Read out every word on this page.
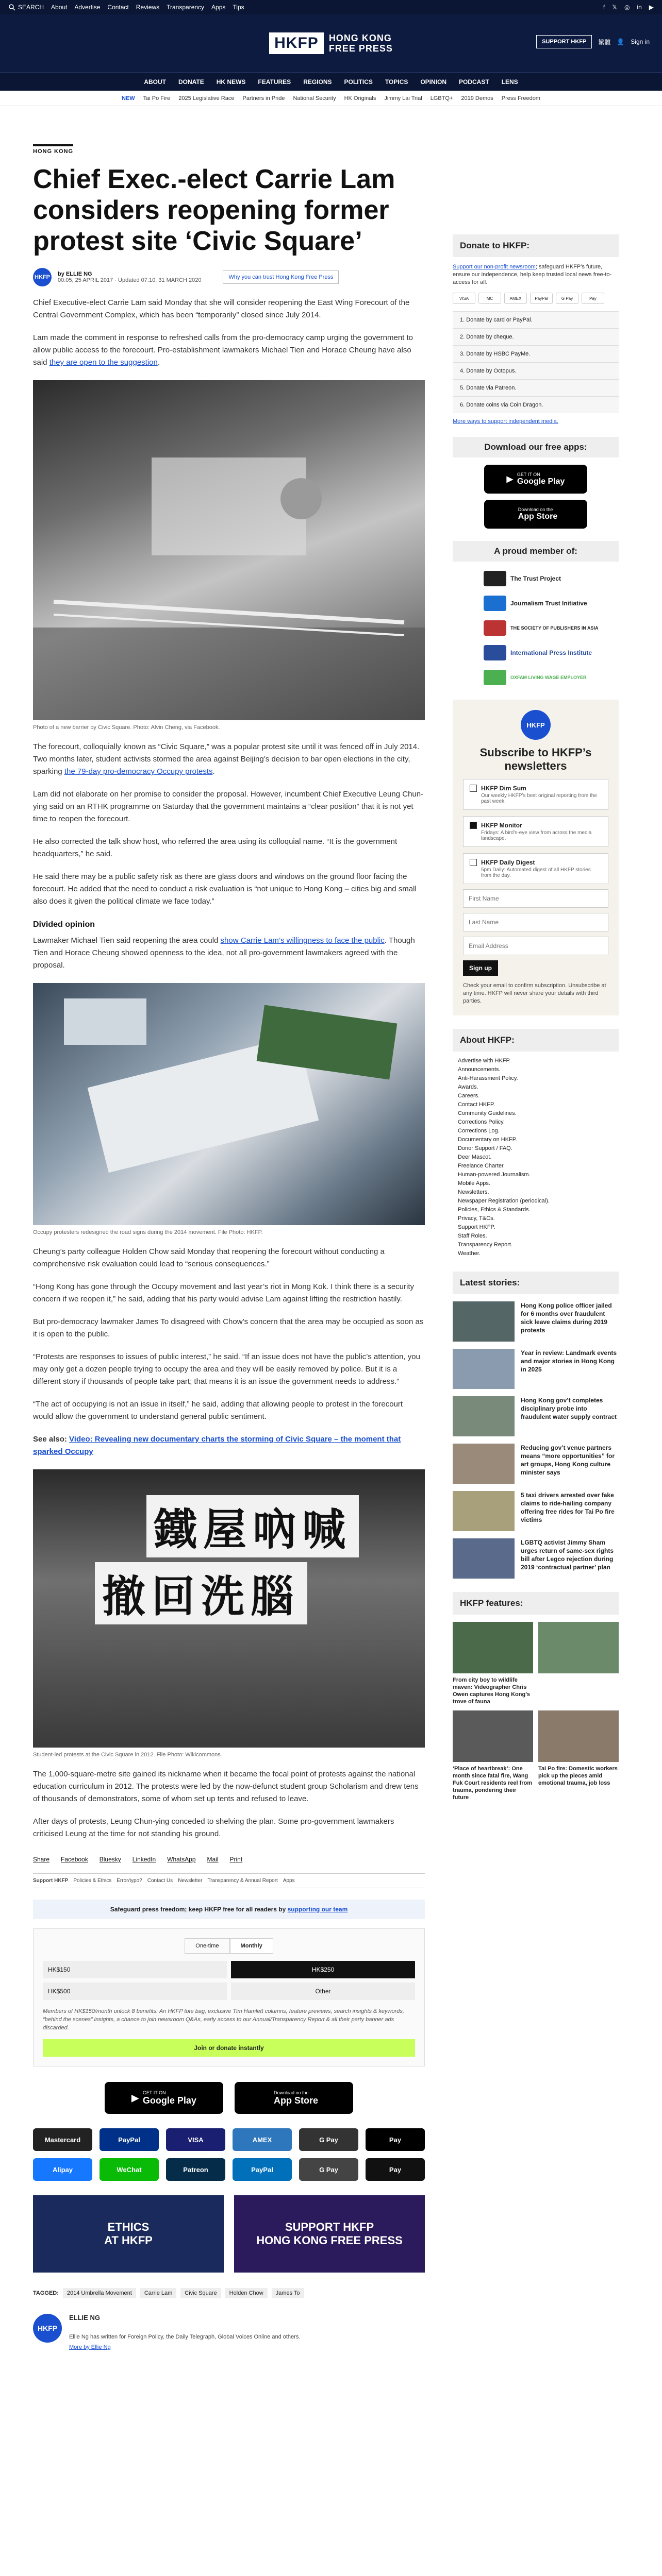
SEARCH About Advertise Contact Reviews Transparency Apps Tips	f 𝕏 ◎ in ▶
HKFP	HONG KONG
FREE PRESS
SUPPORT HKFP	繁體 👤 Sign in
ABOUT DONATE HK NEWS FEATURES REGIONS POLITICS TOPICS OPINION PODCAST LENS
NEW Tai Po Fire 2025 Legislative Race Partners in Pride National Security HK Originals Jimmy Lai Trial LGBTQ+ 2019 Demos Press Freedom
HONG KONG
Chief Exec.-elect Carrie Lam considers reopening former protest site ‘Civic Square’
HKFP by ELLIE NG
00:05, 25 APRIL 2017 · Updated 07:10, 31 MARCH 2020	Why you can trust Hong Kong Free Press

Chief Executive-elect Carrie Lam said Monday that she will consider reopening the East Wing Forecourt of the Central Government Complex, which has been “temporarily” closed since July 2014.

Lam made the comment in response to refreshed calls from the pro-democracy camp urging the government to allow public access to the forecourt. Pro-establishment lawmakers Michael Tien and Horace Cheung have also said they are open to the suggestion.

Photo of a new barrier by Civic Square. Photo: Alvin Cheng, via Facebook.

The forecourt, colloquially known as “Civic Square,” was a popular protest site until it was fenced off in July 2014. Two months later, student activists stormed the area against Beijing’s decision to bar open elections in the city, sparking the 79-day pro-democracy Occupy protests.

Lam did not elaborate on her promise to consider the proposal. However, incumbent Chief Executive Leung Chun-ying said on an RTHK programme on Saturday that the government maintains a “clear position” that it is not yet time to reopen the forecourt.

He also corrected the talk show host, who referred the area using its colloquial name. “It is the government headquarters,” he said.

He said there may be a public safety risk as there are glass doors and windows on the ground floor facing the forecourt. He added that the need to conduct a risk evaluation is “not unique to Hong Kong – cities big and small also does it given the political climate we face today.”

Divided opinion

Lawmaker Michael Tien said reopening the area could show Carrie Lam’s willingness to face the public. Though Tien and Horace Cheung showed openness to the idea, not all pro-government lawmakers agreed with the proposal.

Occupy protesters redesigned the road signs during the 2014 movement. File Photo: HKFP.

Cheung’s party colleague Holden Chow said Monday that reopening the forecourt without conducting a comprehensive risk evaluation could lead to “serious consequences.”

“Hong Kong has gone through the Occupy movement and last year’s riot in Mong Kok. I think there is a security concern if we reopen it,” he said, adding that his party would advise Lam against lifting the restriction hastily.

But pro-democracy lawmaker James To disagreed with Chow’s concern that the area may be occupied as soon as it is open to the public.

“Protests are responses to issues of public interest,” he said. “If an issue does not have the public’s attention, you may only get a dozen people trying to occupy the area and they will be easily removed by police. But it is a different story if thousands of people take part; that means it is an issue the government needs to address.”

“The act of occupying is not an issue in itself,” he said, adding that allowing people to protest in the forecourt would allow the government to understand general public sentiment.

See also: Video: Revealing new documentary charts the storming of Civic Square – the moment that sparked Occupy

鐵屋吶喊
撤回洗腦

Student-led protests at the Civic Square in 2012. File Photo: Wikicommons.

The 1,000-square-metre site gained its nickname when it became the focal point of protests against the national education curriculum in 2012. The protests were led by the now-defunct student group Scholarism and drew tens of thousands of demonstrators, some of whom set up tents and refused to leave.

After days of protests, Leung Chun-ying conceded to shelving the plan. Some pro-government lawmakers criticised Leung at the time for not standing his ground.

Share Facebook Bluesky LinkedIn WhatsApp Mail Print
Support HKFP Policies & Ethics Error/typo? Contact Us Newsletter Transparency & Annual Report Apps
Safeguard press freedom; keep HKFP free for all readers by supporting our team
One-time	Monthly
HK$150	HK$250
HK$500	Other

Members of HK$150/month unlock 8 benefits: An HKFP tote bag, exclusive Tim Hamlett columns, feature previews, search insights & keywords, “behind the scenes” insights, a chance to join newsroom Q&As, early access to our Annual/Transparency Report & all their party banner ads discarded.

Join or donate instantly
▶ GET IT ON
Google Play
Download on the
App Store
Mastercard	PayPal	VISA	AMEX	G Pay	Pay
Alipay	WeChat	Patreon	PayPal	G Pay	Pay
ETHICS
AT HKFP
SUPPORT HKFP
HONG KONG FREE PRESS
TAGGED:	2014 Umbrella Movement	Carrie Lam	Civic Square	Holden Chow	James To
HKFP
ELLIE NG
Ellie Ng has written for Foreign Policy, the Daily Telegraph, Global Voices Online and others.
More by Ellie Ng
Donate to HKFP:

Support our non-profit newsroom; safeguard HKFP’s future, ensure our independence, help keep trusted local news free-to-access for all.

VISA	MC	AMEX	PayPal	G Pay	Pay
1. Donate by card or PayPal.
2. Donate by cheque.
3. Donate by HSBC PayMe.
4. Donate by Octopus.
5. Donate via Patreon.
6. Donate coins via Coin Dragon.
More ways to support independent media.
Download our free apps:
▶
GET IT ON
Google Play
Download on the
App Store
A proud member of:
The Trust Project
Journalism Trust Initiative
THE SOCIETY OF PUBLISHERS IN ASIA
International Press Institute
OXFAM LIVING WAGE EMPLOYER
HKFP
Subscribe to HKFP’s newsletters
HKFP Dim Sum
Our weekly HKFP’s best original reporting from the past week.
HKFP Monitor
Fridays: A bird’s-eye view from across the media landscape.
HKFP Daily Digest
5pm Daily: Automated digest of all HKFP stories from the day.
First Name Last Name Email Address Sign up

Check your email to confirm subscription. Unsubscribe at any time. HKFP will never share your details with third parties.

About HKFP:
Advertise with HKFP.
Announcements.
Anti-Harassment Policy.
Awards.
Careers.
Contact HKFP.
Community Guidelines.
Corrections Policy.
Corrections Log.
Documentary on HKFP.
Donor Support / FAQ.
Deer Mascot.
Freelance Charter.
Human-powered Journalism.
Mobile Apps.
Newsletters.
Newspaper Registration (periodical).
Policies, Ethics & Standards.
Privacy, T&Cs.
Support HKFP.
Staff Roles.
Transparency Report.
Weather.
Latest stories:
Hong Kong police officer jailed for 6 months over fraudulent sick leave claims during 2019 protests
Year in review: Landmark events and major stories in Hong Kong in 2025
Hong Kong gov’t completes disciplinary probe into fraudulent water supply contract
Reducing gov’t venue partners means “more opportunities” for art groups, Hong Kong culture minister says
5 taxi drivers arrested over fake claims to ride-hailing company offering free rides for Tai Po fire victims
LGBTQ activist Jimmy Sham urges return of same-sex rights bill after Legco rejection during 2019 ‘contractual partner’ plan
HKFP features:
From city boy to wildlife maven: Videographer Chris Owen captures Hong Kong’s trove of fauna
‘Place of heartbreak’: One month since fatal fire, Wang Fuk Court residents reel from trauma, pondering their future
Tai Po fire: Domestic workers pick up the pieces amid emotional trauma, job loss
